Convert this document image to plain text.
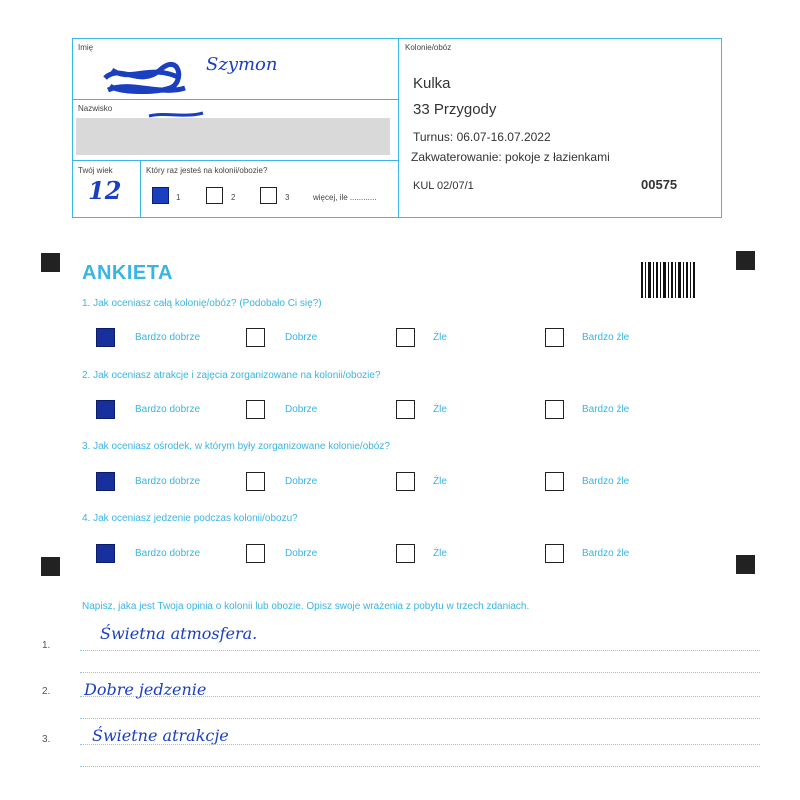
Imię
Szymon
Nazwisko
Twój wiek
12
Który raz jesteś na kolonii/obozie?
1	2	3	więcej, ile ............
Kolonie/obóz
Kulka
33 Przygody
Turnus: 06.07-16.07.2022
Zakwaterowanie: pokoje z łazienkami
KUL 02/07/1	00575
ANKIETA
1. Jak oceniasz całą kolonię/obóz? (Podobało Ci się?)
2. Jak oceniasz atrakcje i zajęcia zorganizowane na kolonii/obozie?
3. Jak oceniasz ośrodek, w którym były zorganizowane kolonie/obóz?
4. Jak oceniasz jedzenie podczas kolonii/obozu?
Bardzo dobrze	Dobrze	Źle	Bardzo źle
Bardzo dobrze	Dobrze	Źle	Bardzo źle
Bardzo dobrze	Dobrze	Źle	Bardzo źle
Bardzo dobrze	Dobrze	Źle	Bardzo źle
Napisz, jaka jest Twoja opinia o kolonii lub obozie. Opisz swoje wrażenia z pobytu w trzech zdaniach.
1.
Świetna atmosfera.
2. Dobre jedzenie
3.	Świetne atrakcje
